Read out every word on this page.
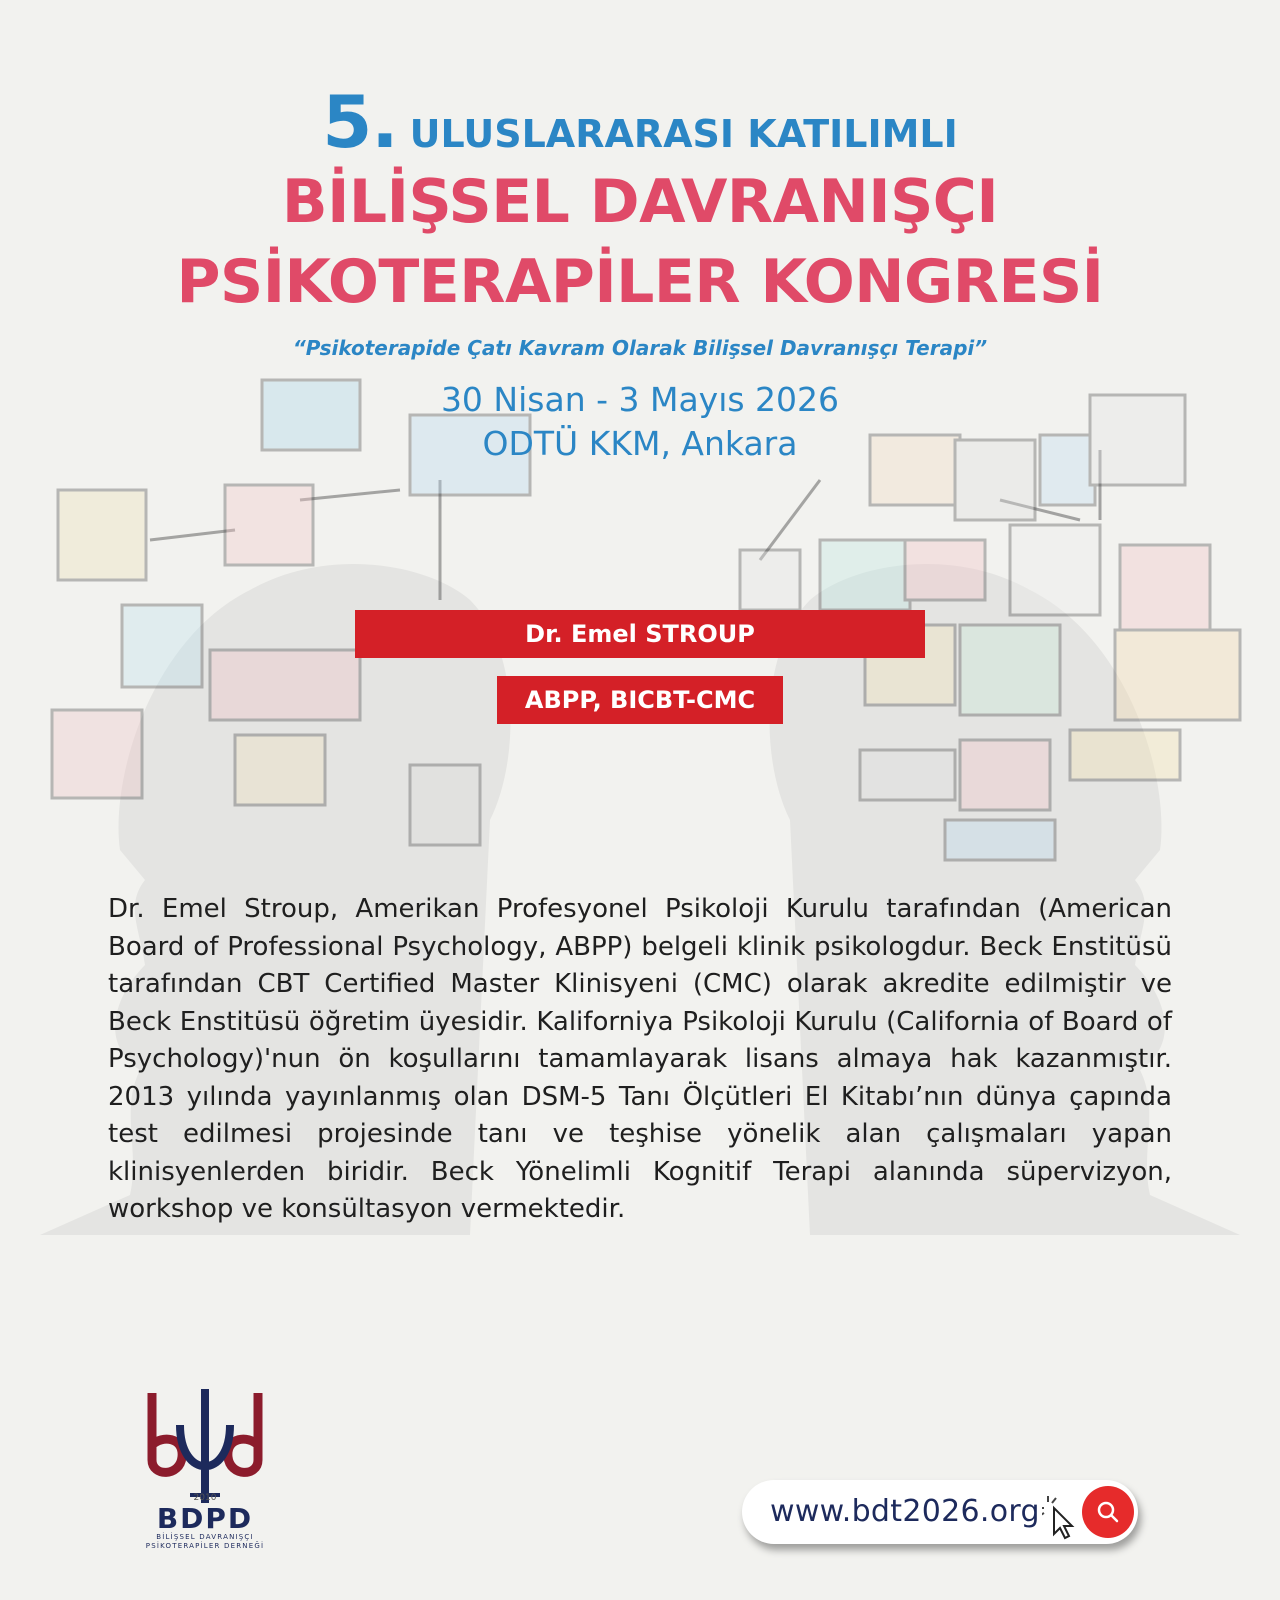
5. ULUSLARARASI KATILIMLI
BİLİŞSEL DAVRANIŞÇI
PSİKOTERAPİLER KONGRESİ
“Psikoterapide Çatı Kavram Olarak Bilişsel Davranışçı Terapi”
30 Nisan - 3 Mayıs 2026
ODTÜ KKM, Ankara
Dr. Emel STROUP
ABPP, BICBT-CMC

Dr. Emel Stroup, Amerikan Profesyonel Psikoloji Kurulu tarafından (American Board of Professional Psychology, ABPP) belgeli klinik psikologdur. Beck Enstitüsü tarafından CBT Certified Master Klinisyeni (CMC) olarak akredite edilmiştir ve Beck Enstitüsü öğretim üyesidir. Kaliforniya Psikoloji Kurulu (California of Board of Psychology)'nun ön koşullarını tamamlayarak lisans almaya hak kazanmıştır. 2013 yılında yayınlanmış olan DSM-5 Tanı Ölçütleri El Kitabı’nın dünya çapında test edilmesi projesinde tanı ve teşhise yönelik alan çalışmaları yapan klinisyenlerden biridir. Beck Yönelimli Kognitif Terapi alanında süpervizyon, workshop ve konsültasyon vermektedir.

2010
BDPD
BİLİŞSEL DAVRANIŞÇI
PSİKOTERAPİLER DERNEĞİ
www.bdt2026.org
